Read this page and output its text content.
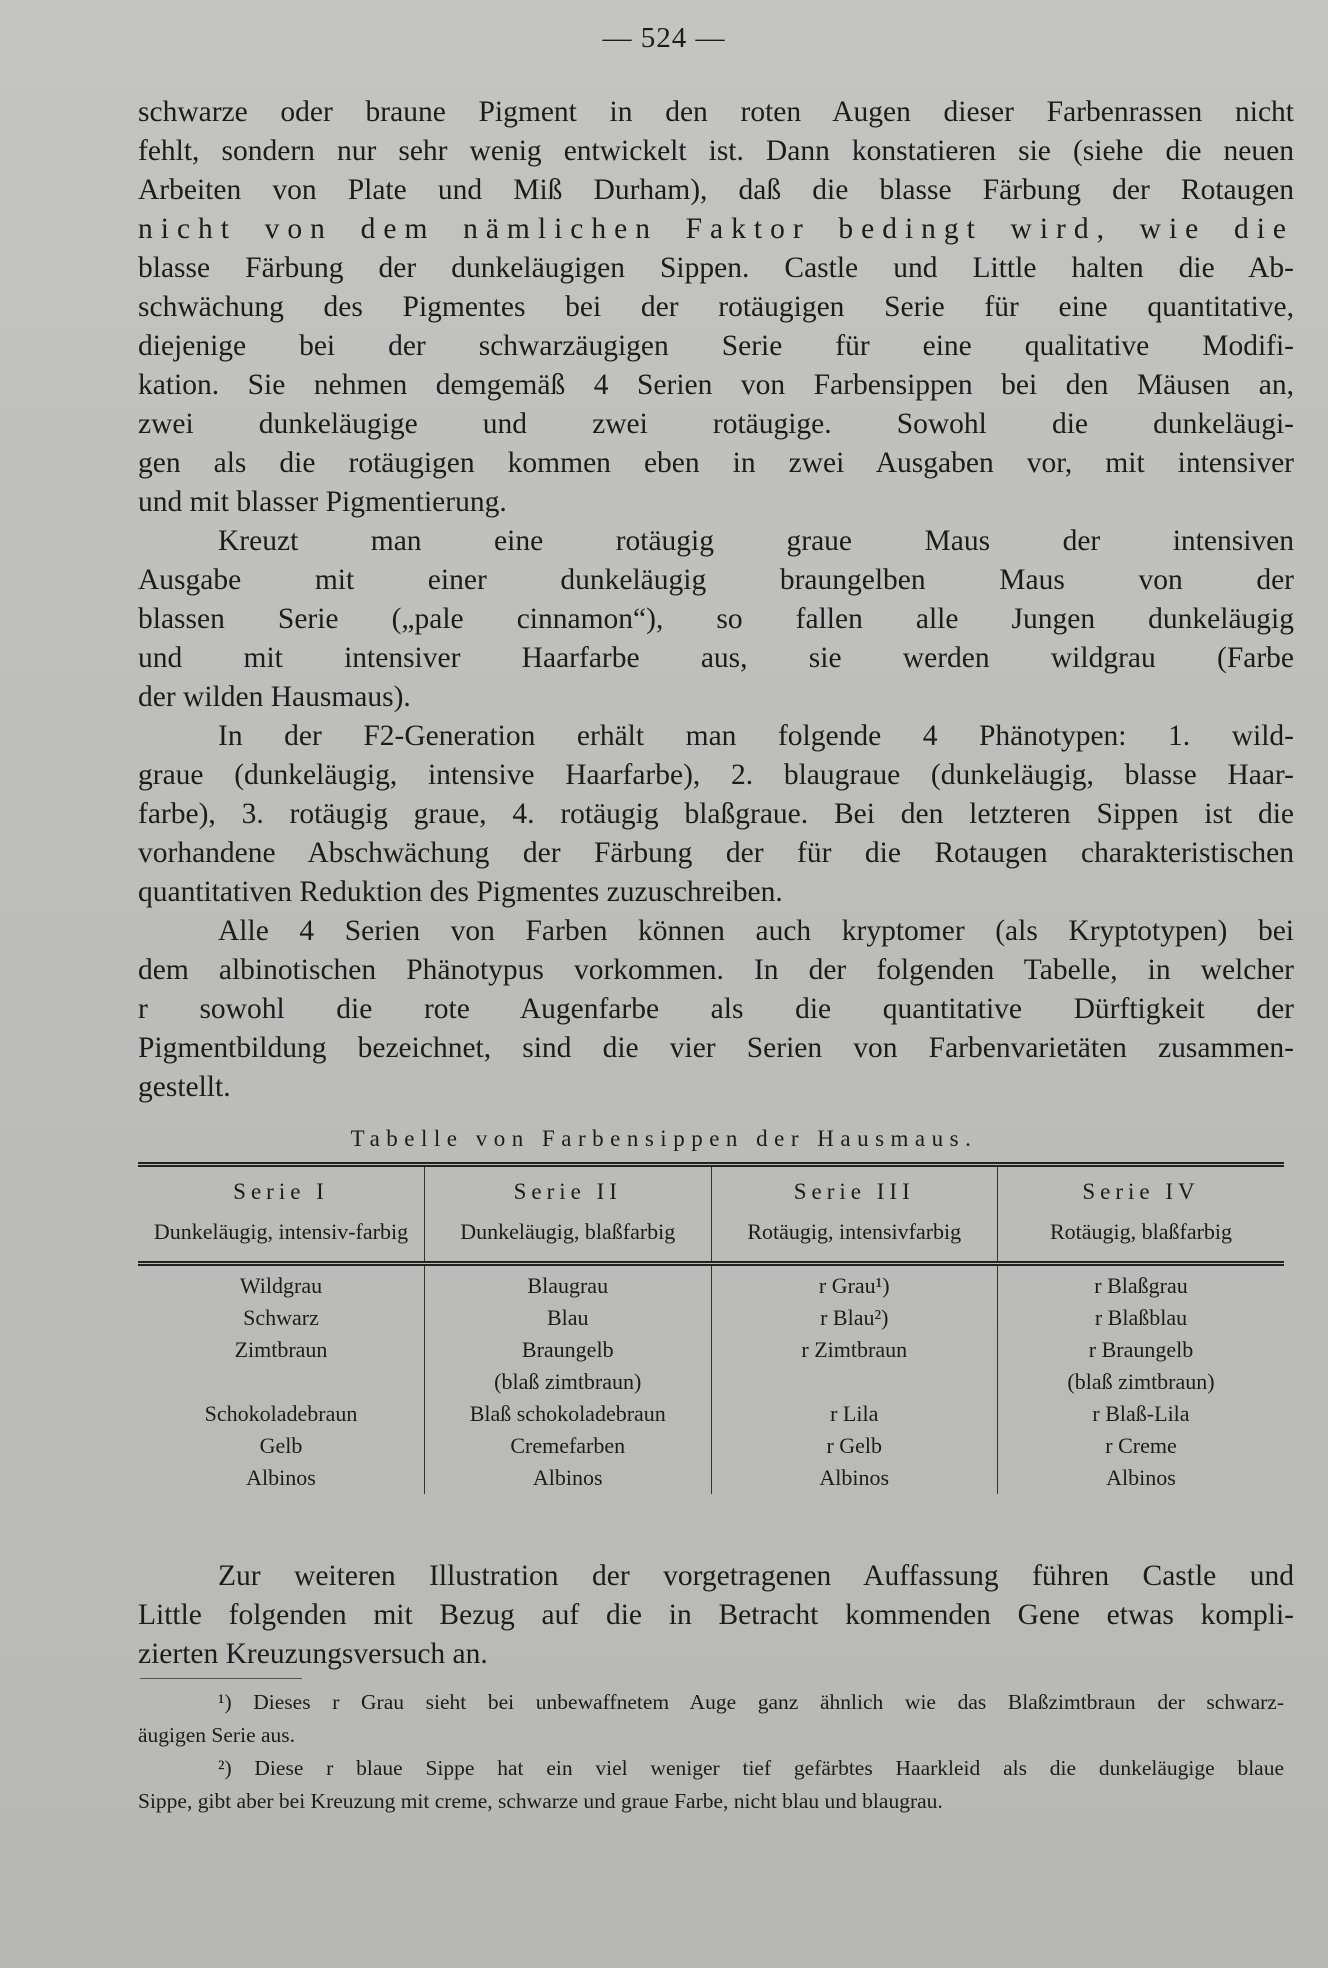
— 524 —
schwarze oder braune Pigment in den roten Augen dieser Farbenrassen nicht
fehlt, sondern nur sehr wenig entwickelt ist. Dann konstatieren sie (siehe die neuen
Arbeiten von Plate und Miß Durham), daß die blasse Färbung der Rotaugen
nicht von dem nämlichen Faktor bedingt wird, wie die
blasse Färbung der dunkeläugigen Sippen. Castle und Little halten die Ab-
schwächung des Pigmentes bei der rotäugigen Serie für eine quantitative,
diejenige bei der schwarzäugigen Serie für eine qualitative Modifi-
kation. Sie nehmen demgemäß 4 Serien von Farbensippen bei den Mäusen an,
zwei dunkeläugige und zwei rotäugige. Sowohl die dunkeläugi-
gen als die rotäugigen kommen eben in zwei Ausgaben vor, mit intensiver
und mit blasser Pigmentierung.
Kreuzt man eine rotäugig graue Maus der intensiven
Ausgabe mit einer dunkeläugig braungelben Maus von der
blassen Serie („pale cinnamon“), so fallen alle Jungen dunkeläugig
und mit intensiver Haarfarbe aus, sie werden wildgrau (Farbe
der wilden Hausmaus).
In der F2-Generation erhält man folgende 4 Phänotypen: 1. wild-
graue (dunkeläugig, intensive Haarfarbe), 2. blaugraue (dunkeläugig, blasse Haar-
farbe), 3. rotäugig graue, 4. rotäugig blaßgraue. Bei den letzteren Sippen ist die
vorhandene Abschwächung der Färbung der für die Rotaugen charakteristischen
quantitativen Reduktion des Pigmentes zuzuschreiben.
Alle 4 Serien von Farben können auch kryptomer (als Kryptotypen) bei
dem albinotischen Phänotypus vorkommen. In der folgenden Tabelle, in welcher
r sowohl die rote Augenfarbe als die quantitative Dürftigkeit der
Pigmentbildung bezeichnet, sind die vier Serien von Farbenvarietäten zusammen-
gestellt.
Tabelle von Farbensippen der Hausmaus.
Serie I	Serie II	Serie III	Serie IV
Dunkeläugig, intensiv-farbig	Dunkeläugig, blaßfarbig	Rotäugig, intensivfarbig	Rotäugig, blaßfarbig
Wildgrau	Blaugrau	r Grau¹)	r Blaßgrau
Schwarz	Blau	r Blau²)	r Blaßblau
Zimtbraun	Braungelb	r Zimtbraun	r Braungelb
	(blaß zimtbraun)		(blaß zimtbraun)
Schokoladebraun	Blaß schokoladebraun	r Lila	r Blaß-Lila
Gelb	Cremefarben	r Gelb	r Creme
Albinos	Albinos	Albinos	Albinos
Zur weiteren Illustration der vorgetragenen Auffassung führen Castle und
Little folgenden mit Bezug auf die in Betracht kommenden Gene etwas kompli-
zierten Kreuzungsversuch an.
¹) Dieses r Grau sieht bei unbewaffnetem Auge ganz ähnlich wie das Blaßzimtbraun der schwarz-
äugigen Serie aus.
²) Diese r blaue Sippe hat ein viel weniger tief gefärbtes Haarkleid als die dunkeläugige blaue
Sippe, gibt aber bei Kreuzung mit creme, schwarze und graue Farbe, nicht blau und blaugrau.
